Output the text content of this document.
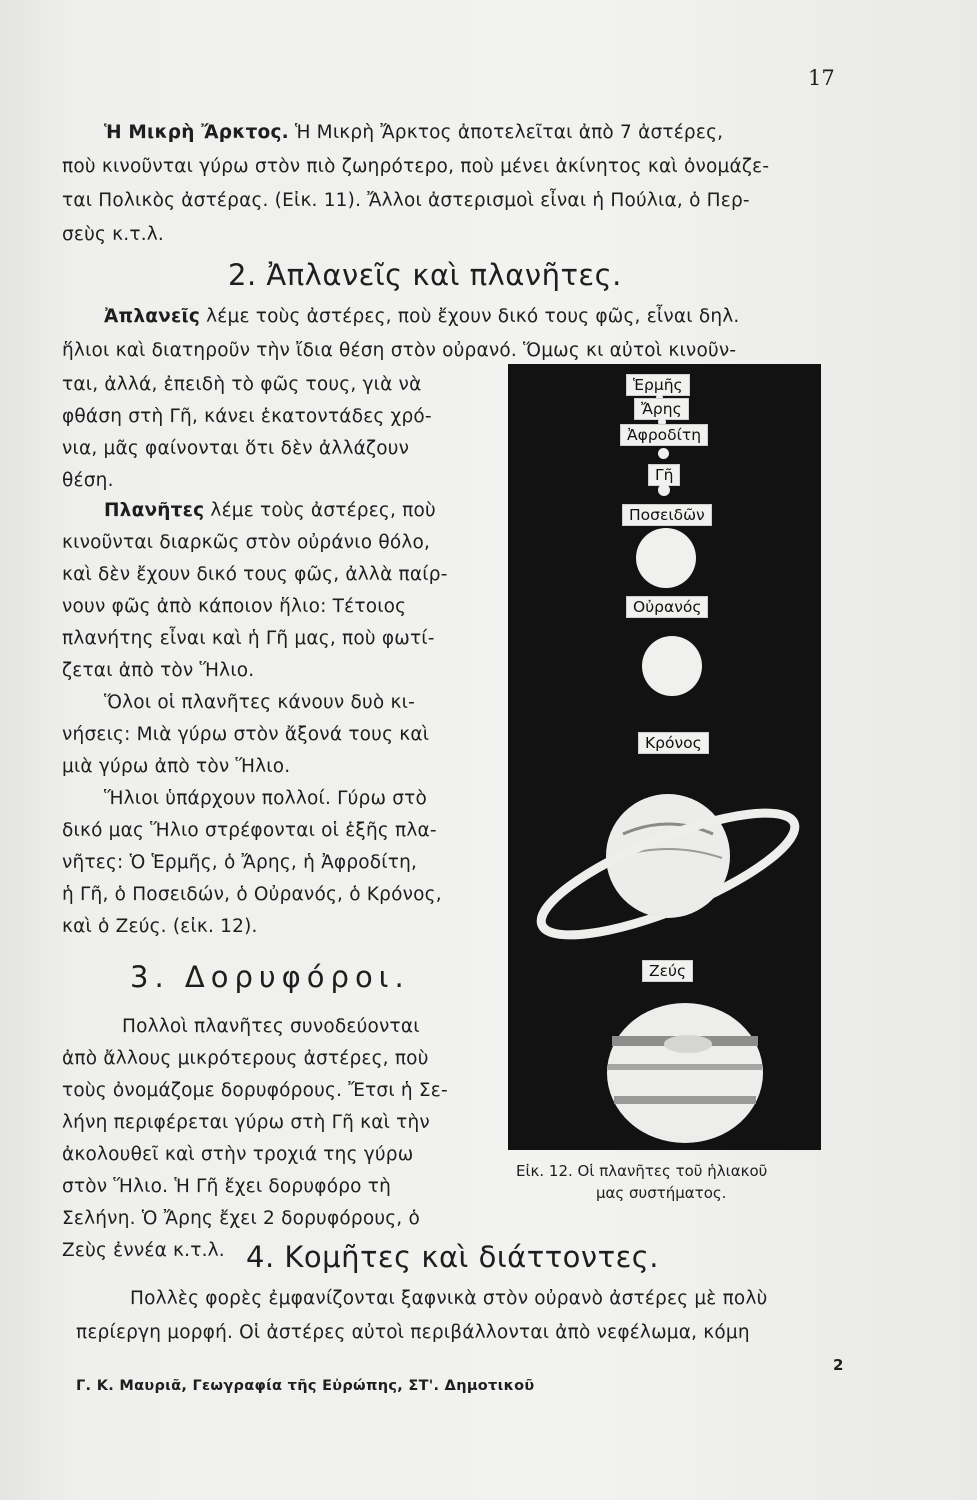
17
Ἡ Μικρὴ Ἄρκτος. Ἡ Μικρὴ Ἄρκτος ἀποτελεῖται ἀπὸ 7 ἀστέρες,
ποὺ κινοῦνται γύρω στὸν πιὸ ζωηρότερο, ποὺ μένει ἀκίνητος καὶ ὀνομάζε-
ται Πολικὸς ἀστέρας. (Εἰκ. 11). Ἄλλοι ἀστερισμοὶ εἶναι ἡ Πούλια, ὁ Περ-
σεὺς κ.τ.λ.
2. Ἀπλανεῖς καὶ πλανῆτες.
Ἀπλανεῖς λέμε τοὺς ἀστέρες, ποὺ ἔχουν δικό τους φῶς, εἶναι δηλ.
ἥλιοι καὶ διατηροῦν τὴν ἴδια θέση στὸν οὐρανό. Ὅμως κι αὐτοὶ κινοῦν-
ται, ἀλλά, ἐπειδὴ τὸ φῶς τους, γιὰ νὰ
φθάση στὴ Γῆ, κάνει ἑκατοντάδες χρό-
νια, μᾶς φαίνονται ὅτι δὲν ἀλλάζουν
θέση.
Πλανῆτες λέμε τοὺς ἀστέρες, ποὺ
κινοῦνται διαρκῶς στὸν οὐράνιο θόλο,
καὶ δὲν ἔχουν δικό τους φῶς, ἀλλὰ παίρ-
νουν φῶς ἀπὸ κάποιον ἥλιο: Τέτοιος
πλανήτης εἶναι καὶ ἡ Γῆ μας, ποὺ φωτί-
ζεται ἀπὸ τὸν Ἥλιο.
Ὅλοι οἱ πλανῆτες κάνουν δυὸ κι-
νήσεις: Μιὰ γύρω στὸν ἄξονά τους καὶ
μιὰ γύρω ἀπὸ τὸν Ἥλιο.
Ἥλιοι ὑπάρχουν πολλοί. Γύρω στὸ
δικό μας Ἥλιο στρέφονται οἱ ἑξῆς πλα-
νῆτες: Ὁ Ἑρμῆς, ὁ Ἄρης, ἡ Ἀφροδίτη,
ἡ Γῆ, ὁ Ποσειδών, ὁ Οὐρανός, ὁ Κρόνος,
καὶ ὁ Ζεύς. (εἰκ. 12).
3. Δορυφόροι.
Πολλοὶ πλανῆτες συνοδεύονται
ἀπὸ ἄλλους μικρότερους ἀστέρες, ποὺ
τοὺς ὀνομάζομε δορυφόρους. Ἔτσι ἡ Σε-
λήνη περιφέρεται γύρω στὴ Γῆ καὶ τὴν
ἀκολουθεῖ καὶ στὴν τροχιά της γύρω
στὸν Ἥλιο. Ἡ Γῆ ἔχει δορυφόρο τὴ
Σελήνη. Ὁ Ἄρης ἔχει 2 δορυφόρους, ὁ
Ζεὺς ἐννέα κ.τ.λ.
Ἑρμῆς
Ἄρης
Ἀφροδίτη
Γῆ
Ποσειδῶν
Οὐρανός
Κρόνος
Ζεύς
Εἰκ. 12. Οἱ πλανῆτες τοῦ ἡλιακοῦ
μας συστήματος.
4. Κομῆτες καὶ διάττοντες.
Πολλὲς φορὲς ἐμφανίζονται ξαφνικὰ στὸν οὐρανὸ ἀστέρες μὲ πολὺ
περίεργη μορφή. Οἱ ἀστέρες αὐτοὶ περιβάλλονται ἀπὸ νεφέλωμα, κόμη
2
Γ. Κ. Μαυριᾶ, Γεωγραφία τῆς Εὐρώπης, ΣΤ'. Δημοτικοῦ
